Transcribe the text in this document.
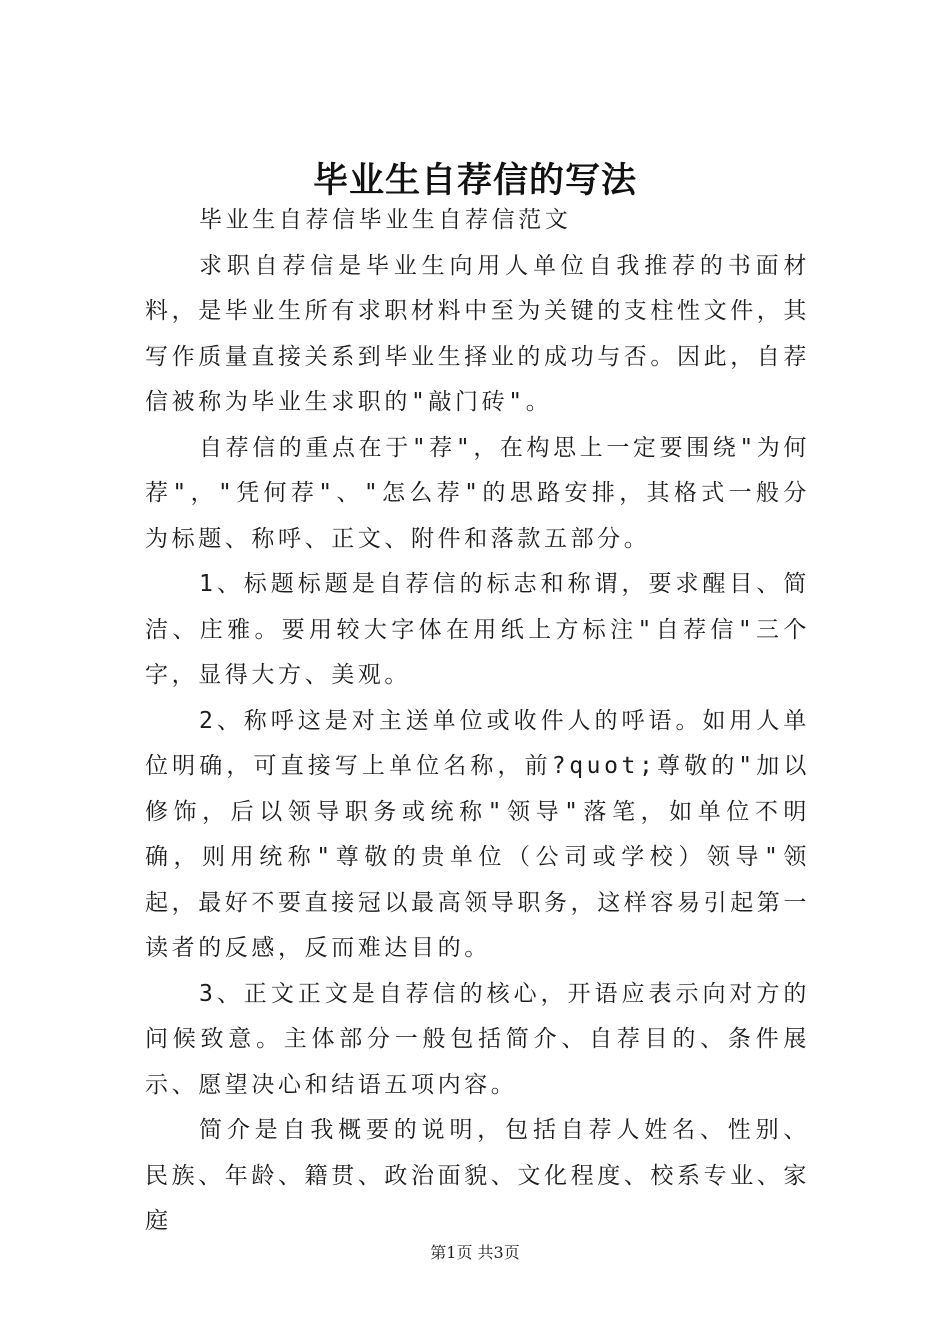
毕业生自荐信的写法

毕业生自荐信毕业生自荐信范文

求职自荐信是毕业生向用人单位自我推荐的书面材料，是毕业生所有求职材料中至为关键的支柱性文件，其写作质量直接关系到毕业生择业的成功与否。因此，自荐信被称为毕业生求职的"敲门砖"。

自荐信的重点在于"荐"，在构思上一定要围绕"为何荐"，"凭何荐"、"怎么荐"的思路安排，其格式一般分为标题、称呼、正文、附件和落款五部分。

1、标题标题是自荐信的标志和称谓，要求醒目、简洁、庄雅。要用较大字体在用纸上方标注"自荐信"三个字，显得大方、美观。

2、称呼这是对主送单位或收件人的呼语。如用人单位明确，可直接写上单位名称，前?quot;尊敬的"加以修饰，后以领导职务或统称"领导"落笔，如单位不明确，则用统称"尊敬的贵单位（公司或学校）领导"领起，最好不要直接冠以最高领导职务，这样容易引起第一读者的反感，反而难达目的。

3、正文正文是自荐信的核心，开语应表示向对方的问候致意。主体部分一般包括简介、自荐目的、条件展示、愿望决心和结语五项内容。

简介是自我概要的说明，包括自荐人姓名、性别、民族、年龄、籍贯、政治面貌、文化程度、校系专业、家庭

第1页 共3页
